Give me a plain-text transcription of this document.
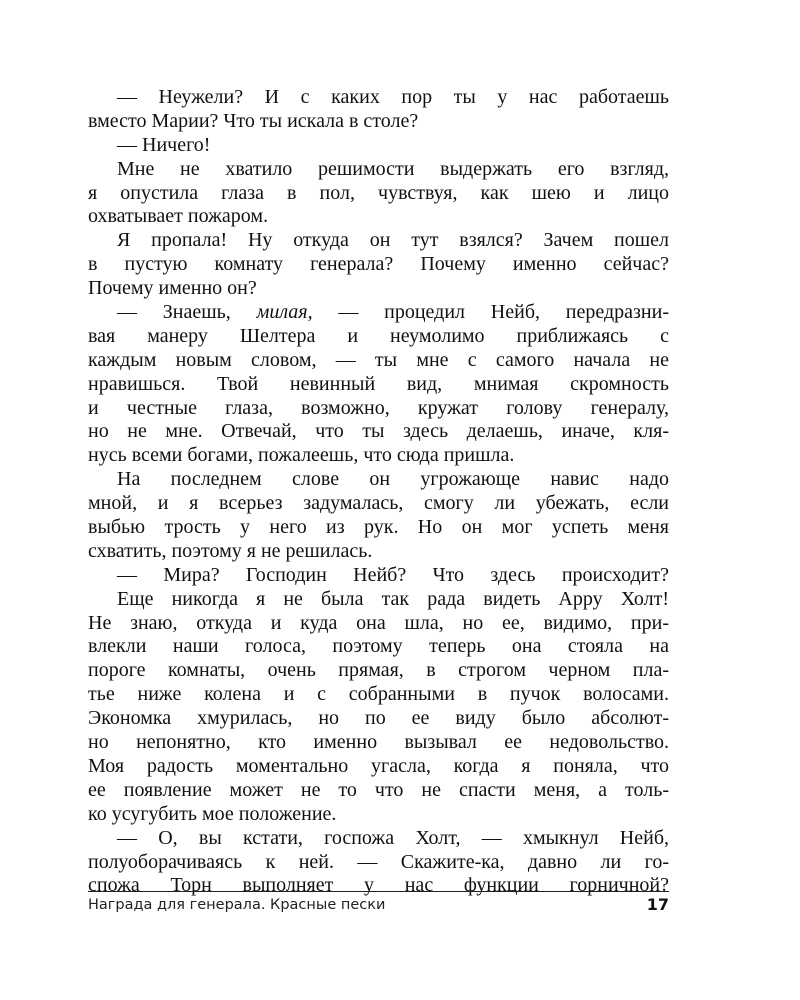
— Неужели? И с каких пор ты у нас работаешь
вместо Марии? Что ты искала в столе?
— Ничего!
Мне не хватило решимости выдержать его взгляд,
я опустила глаза в пол, чувствуя, как шею и лицо
охватывает пожаром.
Я пропала! Ну откуда он тут взялся? Зачем пошел
в пустую комнату генерала? Почему именно сейчас?
Почему именно он?
— Знаешь, милая, — процедил Нейб, передразни-
вая манеру Шелтера и неумолимо приближаясь с
каждым новым словом, — ты мне с самого начала не
нравишься. Твой невинный вид, мнимая скромность
и честные глаза, возможно, кружат голову генералу,
но не мне. Отвечай, что ты здесь делаешь, иначе, кля-
нусь всеми богами, пожалеешь, что сюда пришла.
На последнем слове он угрожающе навис надо
мной, и я всерьез задумалась, смогу ли убежать, если
выбью трость у него из рук. Но он мог успеть меня
схватить, поэтому я не решилась.
— Мира? Господин Нейб? Что здесь происходит?
Еще никогда я не была так рада видеть Арру Холт!
Не знаю, откуда и куда она шла, но ее, видимо, при-
влекли наши голоса, поэтому теперь она стояла на
пороге комнаты, очень прямая, в строгом черном пла-
тье ниже колена и с собранными в пучок волосами.
Экономка хмурилась, но по ее виду было абсолют-
но непонятно, кто именно вызывал ее недовольство.
Моя радость моментально угасла, когда я поняла, что
ее появление может не то что не спасти меня, а толь-
ко усугубить мое положение.
— О, вы кстати, госпожа Холт, — хмыкнул Нейб,
полуоборачиваясь к ней. — Скажите-ка, давно ли го-
спожа Торн выполняет у нас функции горничной?
Награда для генерала. Красные пески	17
